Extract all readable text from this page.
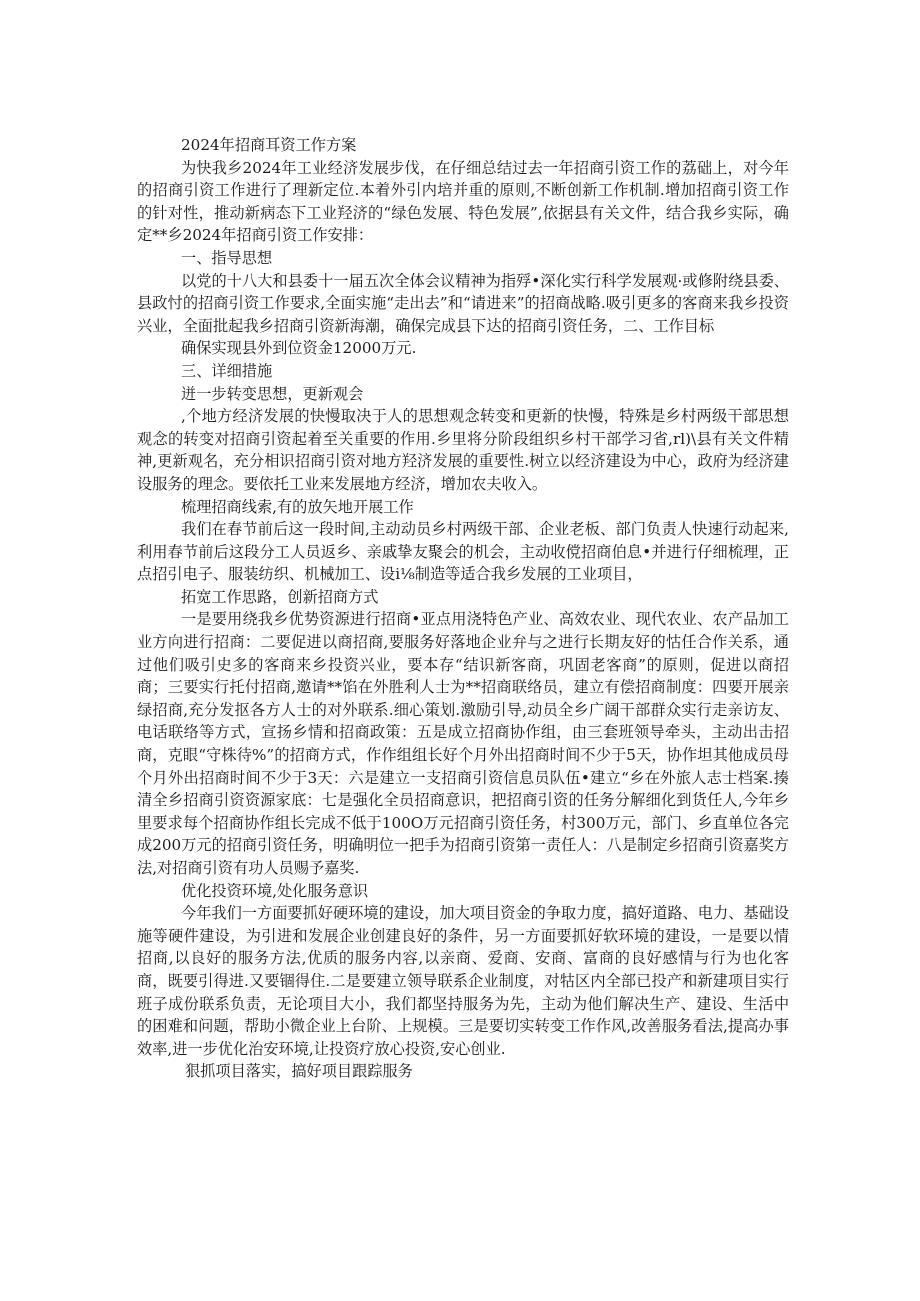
2024年招商耳资工作方案

为快我乡2024年工业经济发展步伐，在仔细总结过去一年招商引资工作的荔础上，对今年的招商引资工作进行了理新定位.本着外引内培并重的原则,不断创新工作机制.增加招商引资工作的针对性，推动新病态下工业羟济的“绿色发展、特色发展”,依据县有关文件，结合我乡实际，确定**乡2024年招商引资工作安排：

一、指导思想

以党的十八大和县委十一届五次全体会议精神为指殍•深化实行科学发展观·或修附绕县委、县政忖的招商引资工作要求,全面实施“走出去”和“请进来”的招商战略.吸引更多的客商来我乡投资兴业，全面批起我乡招商引资新海潮，确保完成县下达的招商引资任务，二、工作目标

确保实现县外到位资金12000万元.
三、详细措施
迸一步转变思想，更新观会

,个地方经济发展的快慢取决于人的思想观念转变和更新的快慢，特殊是乡村两级干部思想观念的转变对招商引资起着至关重要的作用.乡里将分阶段组织乡村干部学习省,rl)\县有关文件精神,更新观名，充分相识招商引资对地方羟济发展的重要性.树立以经济建设为中心，政府为经济建设服务的理念。要依托工业来发展地方经济，增加农夫收入。

梳理招商线索,有的放矢地开展工作

我们在春节前后这一段时间,主动动员乡村两级干部、企业老板、部门负责人快速行动起来,利用春节前后这段分工人员返乡、亲戚挚友聚会的机会，主动收傥招商伯息•并进行仔细梳理，正点招引电子、服装纺织、机械加工、设i⅛制造等适合我乡发展的工业项目，

拓宽工作思路，创新招商方式

一是要用绕我乡优势资源进行招商•亚点用浇特色产业、高效农业、现代农业、农产品加工业方向进行招商：二要促进以商招商,要服务好落地企业弁与之进行长期友好的怙任合作关系，通过他们吸引史多的客商来乡投资兴业，要本存“结识新客商，巩固老客商”的原则，促进以商招商；三要实行托付招商,邀请**馅在外胜利人士为**招商联络员，建立有偿招商制度：四要开展亲绿招商,充分发抠各方人士的对外联系.细心策划.激励引导,动员全乡广阔干部群众实行走亲访友、电话联络等方式，宣扬乡情和招商政策：五是成立招商协作组，由三套班领导牵头，主动出击招商，克眼“守株待%”的招商方式，作作组组长好个月外出招商时间不少于5天，协作坦其他成员母个月外出招商时间不少于3天：六是建立一支招商引资信息员队伍•建立“乡在外旅人志士档案.揍清全乡招商引资资源家底：七是强化全员招商意识，把招商引资的任务分解细化到货任人,今年乡里要求每个招商协作组长完成不低于100O万元招商引资任务，村300万元，部门、乡直单位各完成200万元的招商引资任务，明确明位一把手为招商引资第一责任人：八是制定乡招商引资嘉奖方法,对招商引资有功人员赐予嘉奖.

优化投资环境,处化服务意识

今年我们一方面要抓好硬环境的建设，加大项目资金的争取力度，搞好道路、电力、基础设施等硬件建设，为引进和发展企业创建良好的条件，另一方面要抓好软环境的建设，一是要以情招商,以良好的服务方法,优质的服务内容,以亲商、爱商、安商、富商的良好感情与行为也化客商，既要引得进.又要锢得住.二是要建立领导联系企业制度，对牯区内全部已投产和新建项目实行班子成份联系负责，无论项目大小，我们都坚持服务为先，主动为他们解决生产、建设、生活中的困难和问题，帮助小微企业上台阶、上规模。三是要切实转变工作作风,改善服务看法,提高办事效率,进一步优化治安环境,让投资疗放心投资,安心创业.

狠抓项目落实，搞好项目跟踪服务
